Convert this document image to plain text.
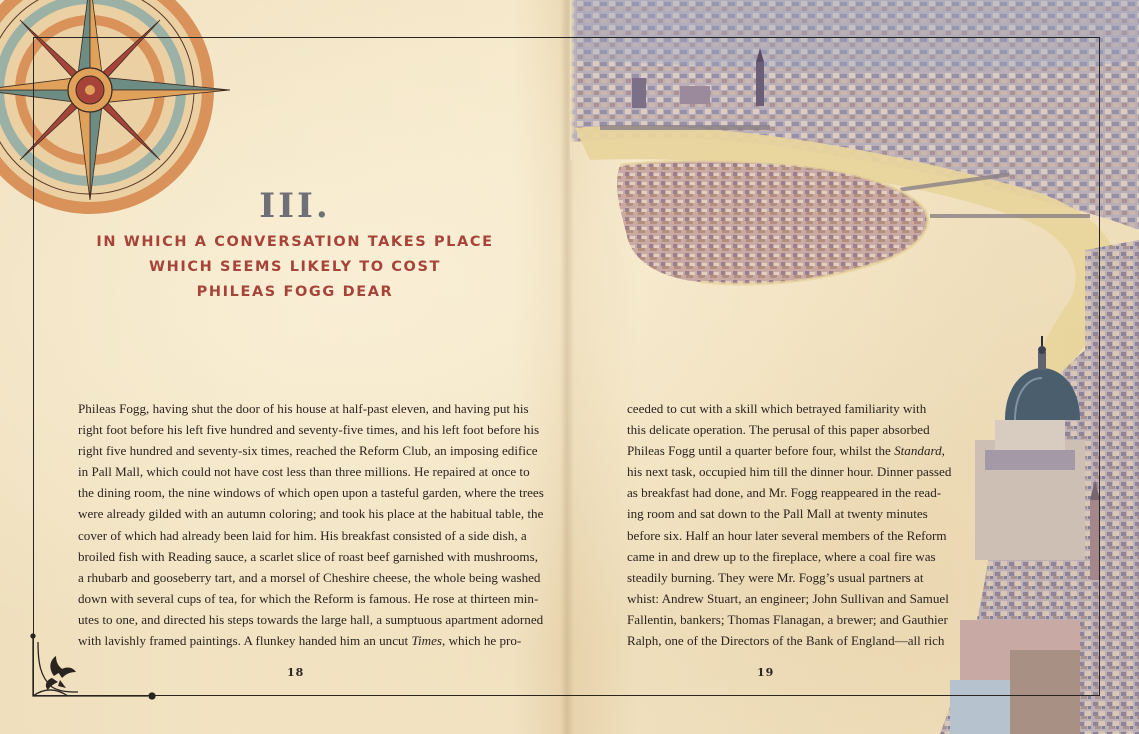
III.
IN WHICH A CONVERSATION TAKES PLACE
WHICH SEEMS LIKELY TO COST
PHILEAS FOGG DEAR
Phileas Fogg, having shut the door of his house at half-past eleven, and having put his
right foot before his left five hundred and seventy-five times, and his left foot before his
right five hundred and seventy-six times, reached the Reform Club, an imposing edifice
in Pall Mall, which could not have cost less than three millions. He repaired at once to
the dining room, the nine windows of which open upon a tasteful garden, where the trees
were already gilded with an autumn coloring; and took his place at the habitual table, the
cover of which had already been laid for him. His breakfast consisted of a side dish, a
broiled fish with Reading sauce, a scarlet slice of roast beef garnished with mushrooms,
a rhubarb and gooseberry tart, and a morsel of Cheshire cheese, the whole being washed
down with several cups of tea, for which the Reform is famous. He rose at thirteen min-
utes to one, and directed his steps towards the large hall, a sumptuous apartment adorned
with lavishly framed paintings. A flunkey handed him an uncut Times, which he pro-
ceeded to cut with a skill which betrayed familiarity with
this delicate operation. The perusal of this paper absorbed
Phileas Fogg until a quarter before four, whilst the Standard,
his next task, occupied him till the dinner hour. Dinner passed
as breakfast had done, and Mr. Fogg reappeared in the read-
ing room and sat down to the Pall Mall at twenty minutes
before six. Half an hour later several members of the Reform
came in and drew up to the fireplace, where a coal fire was
steadily burning. They were Mr. Fogg’s usual partners at
whist: Andrew Stuart, an engineer; John Sullivan and Samuel
Fallentin, bankers; Thomas Flanagan, a brewer; and Gauthier
Ralph, one of the Directors of the Bank of England—all rich
18	19
